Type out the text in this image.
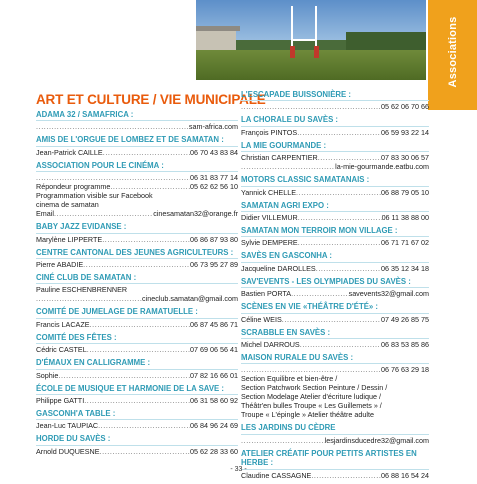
Associations
ART ET CULTURE / VIE MUNICIPALE
ADAMA 32 / SAMAFRICA :
.....
sam-africa.com
AMIS DE L'ORGUE DE LOMBEZ ET DE SAMATAN :
Jean-Patrick CAILLE .....	06 70 43 83 84
ASSOCIATION POUR LE CINÉMA :
.....
06 31 83 77 14
Répondeur programme .....	05 62 62 56 10
Programmation visible sur Facebook
cinema de samatan
Email .....	cinesamatan32@orange.fr
BABY JAZZ EVIDANSE :
Marylène LIPPERTE .....	06 86 87 93 80
CENTRE CANTONAL DES JEUNES AGRICULTEURS :
Pierre ABADIE .....	06 73 95 27 89
CINÉ CLUB DE SAMATAN :
Pauline ESCHENBRENNER
.....
cineclub.samatan@gmail.com
COMITÉ DE JUMELAGE DE RAMATUELLE :
Francis LACAZE .....	06 87 45 86 71
COMITÉ DES FÊTES :
Cédric CASTEL .....	07 69 06 56 41
D'ÉMAUX EN CALLIGRAMME :
Sophie .....	07 82 16 66 01
ÉCOLE DE MUSIQUE ET HARMONIE DE LA SAVE :
Philippe GATTI .....	06 31 58 60 92
GASCONH'A TABLE :
Jean-Luc TAUPIAC .....	06 84 96 24 69
HORDE DU SAVÈS :
Arnold DUQUESNE .....	05 62 28 33 60
L'ESCAPADE BUISSONIÈRE :
.....
05 62 06 70 66
LA CHORALE DU SAVÈS :
François PINTOS .....	06 59 93 22 14
LA MIE GOURMANDE :
Christian CARPENTIER .....	07 83 30 06 57
.....
la-mie-gourmande.eatbu.com
MOTORS CLASSIC SAMATANAIS :
Yannick CHELLE .....	06 88 79 05 10
SAMATAN AGRI EXPO :
Didier VILLEMUR .....	06 11 38 88 00
SAMATAN MON TERROIR MON VILLAGE :
Sylvie DEMPERE .....	06 71 71 67 02
SAVÈS EN GASCONHA :
Jacqueline DAROLLES .....	06 35 12 34 18
SAV'EVENTS - LES OLYMPIADES DU SAVÈS :
Bastien PORTA .....	savevents32@gmail.com
SCÈNES EN VIE «THÉÂTRE D'ÉTÉ» :
Céline WEIS .....	07 49 26 85 75
SCRABBLE EN SAVÈS :
Michel DARROUS .....	06 83 53 85 86
MAISON RURALE DU SAVÈS :
.....
06 76 63 29 18
Section Equilibre et bien-être /
Section Patchwork Section Peinture / Dessin /
Section Modelage Atelier d'écriture ludique /
Théâtr'en bulles Troupe « Les Guillemets » /
Troupe « L'épingle » Atelier théâtre adulte
LES JARDINS DU CÈDRE
.....
lesjardinsducedre32@gmail.com
ATELIER CRÉATIF POUR PETITS ARTISTES EN HERBE :
Claudine CASSAGNE .....	06 88 16 54 24
- 33 -
